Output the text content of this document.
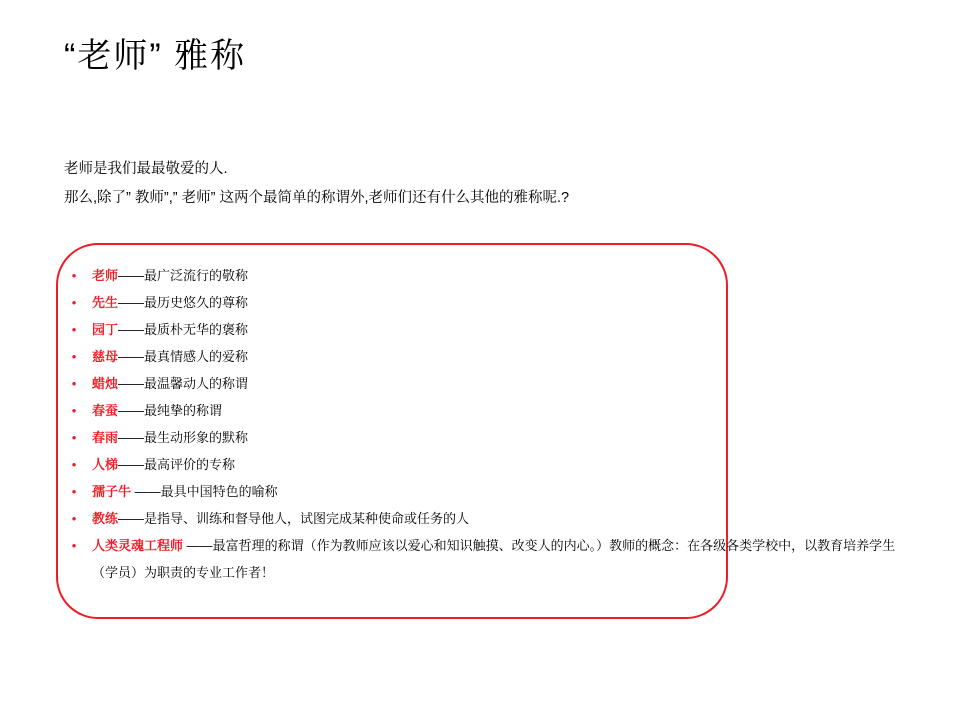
“老师” 雅称
老师是我们最最敬爱的人.
那么,除了” 教师”,” 老师” 这两个最简单的称谓外,老师们还有什么其他的雅称呢.?
•	老师——最广泛流行的敬称
•	先生——最历史悠久的尊称
•	园丁——最质朴无华的褒称
•	慈母——最真情感人的爱称
•	蜡烛——最温馨动人的称谓
•	春蚕——最纯挚的称谓
•	春雨——最生动形象的默称
•	人梯——最高评价的专称
•	孺子牛 ——最具中国特色的喻称
•	教练——是指导、训练和督导他人，试图完成某种使命或任务的人
•	人类灵魂工程师 ——最富哲理的称谓（作为教师应该以爱心和知识触摸、改变人的内心。）教师的概念：在各级各类学校中，以教育培养学生（学员）为职责的专业工作者！
